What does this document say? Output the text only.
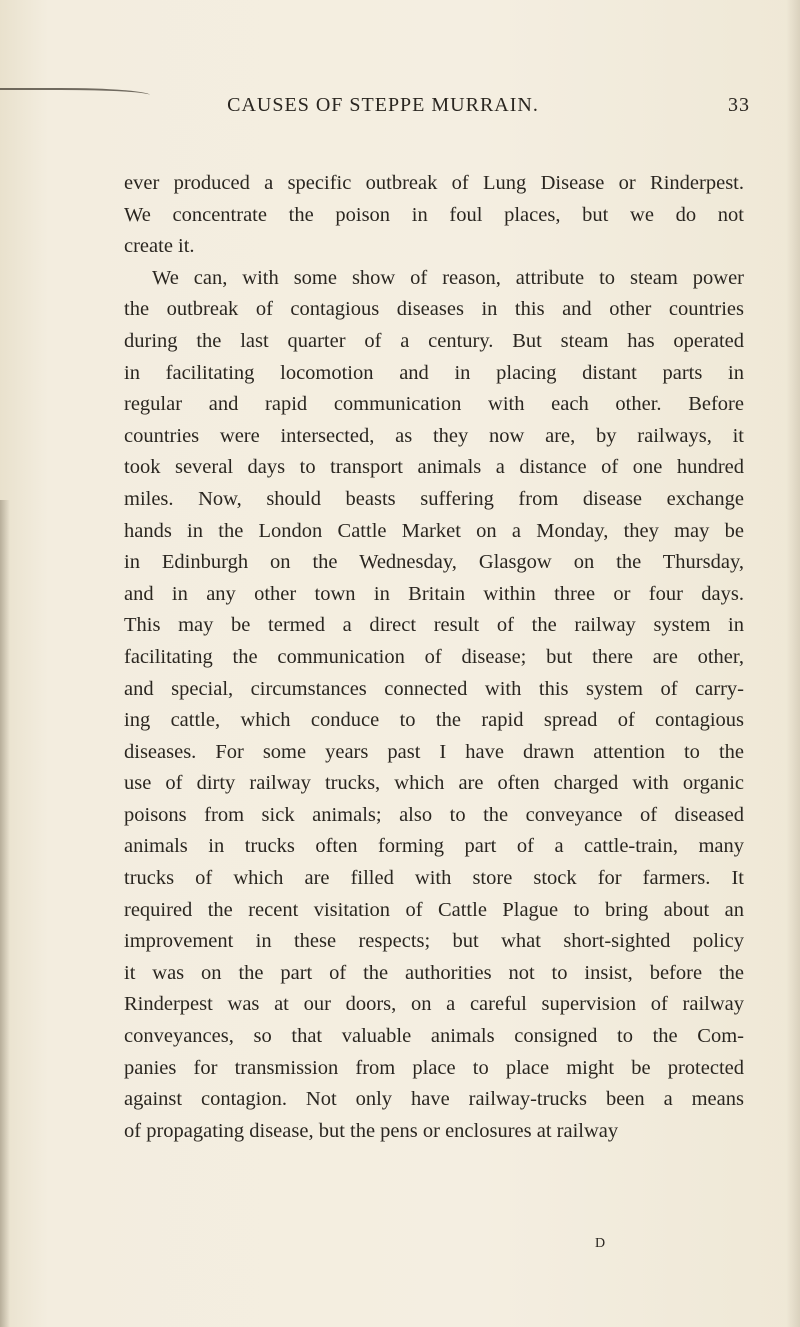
CAUSES OF STEPPE MURRAIN.	33
ever produced a specific outbreak of Lung Disease or Rinderpest.
We concentrate the poison in foul places, but we do not
create it.
We can, with some show of reason, attribute to steam power
the outbreak of contagious diseases in this and other countries
during the last quarter of a century. But steam has operated
in facilitating locomotion and in placing distant parts in
regular and rapid communication with each other. Before
countries were intersected, as they now are, by railways, it
took several days to transport animals a distance of one hundred
miles. Now, should beasts suffering from disease exchange
hands in the London Cattle Market on a Monday, they may be
in Edinburgh on the Wednesday, Glasgow on the Thursday,
and in any other town in Britain within three or four days.
This may be termed a direct result of the railway system in
facilitating the communication of disease; but there are other,
and special, circumstances connected with this system of carry-
ing cattle, which conduce to the rapid spread of contagious
diseases. For some years past I have drawn attention to the
use of dirty railway trucks, which are often charged with organic
poisons from sick animals; also to the conveyance of diseased
animals in trucks often forming part of a cattle-train, many
trucks of which are filled with store stock for farmers. It
required the recent visitation of Cattle Plague to bring about an
improvement in these respects; but what short-sighted policy
it was on the part of the authorities not to insist, before the
Rinderpest was at our doors, on a careful supervision of railway
conveyances, so that valuable animals consigned to the Com-
panies for transmission from place to place might be protected
against contagion. Not only have railway-trucks been a means
of propagating disease, but the pens or enclosures at railway
D
